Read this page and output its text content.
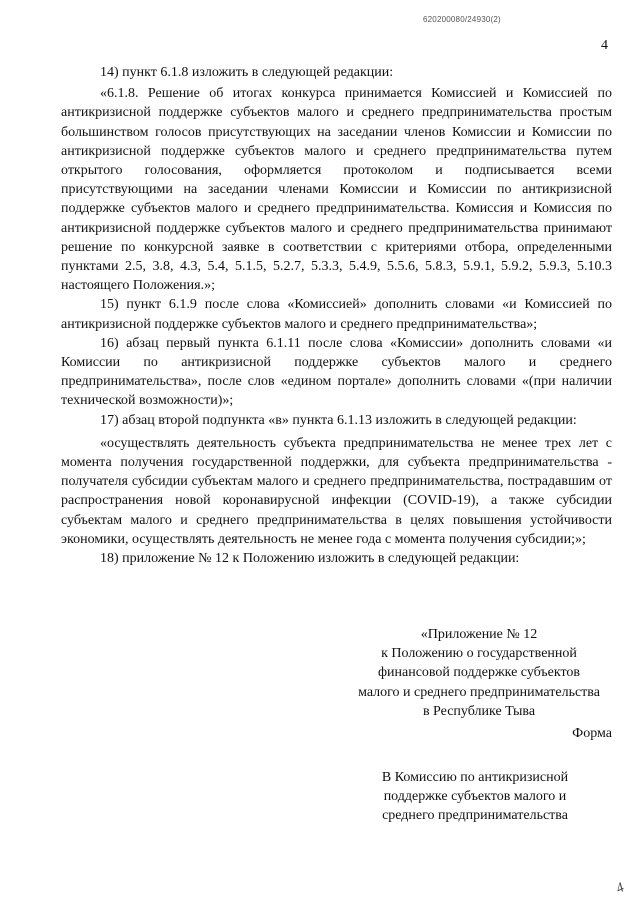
620200080/24930(2)
4

14) пункт 6.1.8 изложить в следующей редакции:

«6.1.8. Решение об итогах конкурса принимается Комиссией и Комиссией по антикризисной поддержке субъектов малого и среднего предпринимательства простым большинством голосов присутствующих на заседании членов Комиссии и Комиссии по антикризисной поддержке субъектов малого и среднего предпринимательства путем открытого голосования, оформляется протоколом и подписывается всеми присутствующими на заседании членами Комиссии и Комиссии по антикризисной поддержке субъектов малого и среднего предпринимательства. Комиссия и Комиссия по антикризисной поддержке субъектов малого и среднего предпринимательства принимают решение по конкурсной заявке в соответствии с критериями отбора, определенными пунктами 2.5, 3.8, 4.3, 5.4, 5.1.5, 5.2.7, 5.3.3, 5.4.9, 5.5.6, 5.8.3, 5.9.1, 5.9.2, 5.9.3, 5.10.3 настоящего Положения.»;

15) пункт 6.1.9 после слова «Комиссией» дополнить словами «и Комиссией по антикризисной поддержке субъектов малого и среднего предпринимательства»;

16) абзац первый пункта 6.1.11 после слова «Комиссии» дополнить словами «и Комиссии по антикризисной поддержке субъектов малого и среднего предпринимательства», после слов «едином портале» дополнить словами «(при наличии технической возможности)»;

17) абзац второй подпункта «в» пункта 6.1.13 изложить в следующей редакции:

«осуществлять деятельность субъекта предпринимательства не менее трех лет с момента получения государственной поддержки, для субъекта предпринимательства - получателя субсидии субъектам малого и среднего предпринимательства, пострадавшим от распространения новой коронавирусной инфекции (COVID-19), а также субсидии субъектам малого и среднего предпринимательства в целях повышения устойчивости экономики, осуществлять деятельность не менее года с момента получения субсидии;»;

18) приложение № 12 к Положению изложить в следующей редакции:

«Приложение № 12
к Положению о государственной
финансовой поддержке субъектов
малого и среднего предпринимательства
в Республике Тыва
Форма
В Комиссию по антикризисной
поддержке субъектов малого и
среднего предпринимательства
4
